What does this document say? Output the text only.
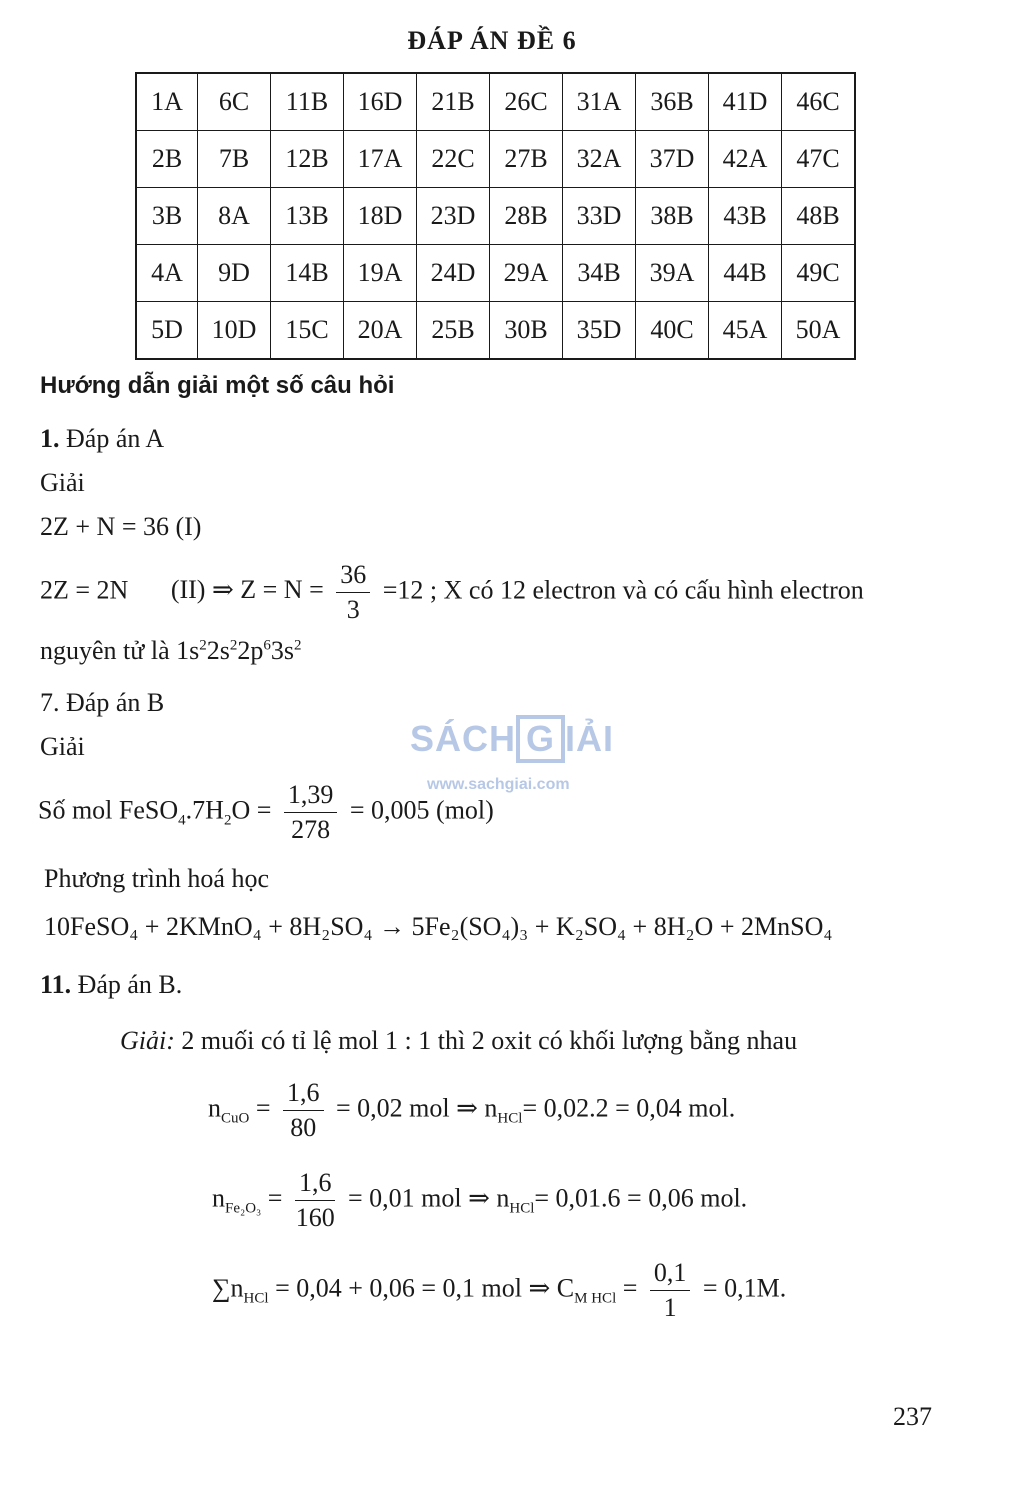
ĐÁP ÁN ĐỀ 6
1A	6C	11B	16D	21B	26C	31A	36B	41D	46C
2B	7B	12B	17A	22C	27B	32A	37D	42A	47C
3B	8A	13B	18D	23D	28B	33D	38B	43B	48B
4A	9D	14B	19A	24D	29A	34B	39A	44B	49C
5D	10D	15C	20A	25B	30B	35D	40C	45A	50A
Hướng dẫn giải một số câu hỏi
1. Đáp án A
Giải
2Z + N = 36 (I)
2Z = 2N (II) ⇒ $Z = N = \frac{36}{3} =12$ ; X có 12 electron và có cấu hình electron
nguyên tử là $1s^22s^22p^63s^2$
7. Đáp án B
Giải
Số mol $FeSO_4.7H_2O = \frac{1,39}{278} = 0,005$ (mol)
Phương trình hoá học
10FeSO₄ + 2KMnO₄ + 8H₂SO₄ → 5Fe₂(SO₄)₃ + K₂SO₄ + 8H₂O + 2MnSO₄
11. Đáp án B.
Giải: 2 muối có tỉ lệ mol 1 : 1 thì 2 oxit có khối lượng bằng nhau
$n_{CuO} = \frac{1,6}{80} = 0,02$ mol ⇒ $n_{HCl}= 0,02.2 = 0,04$ mol.
$n_{Fe_2O_3} = \frac{1,6}{160} = 0,01$ mol ⇒ $n_{HCl}= 0,01.6 = 0,06$ mol.
$\sum n_{HCl} = 0,04 + 0,06 = 0,1$ mol ⇒ $C_{M HCl} = \frac{0,1}{1} = 0,1M$.
SÁCH G IẢI
www.sachgiai.com
237
